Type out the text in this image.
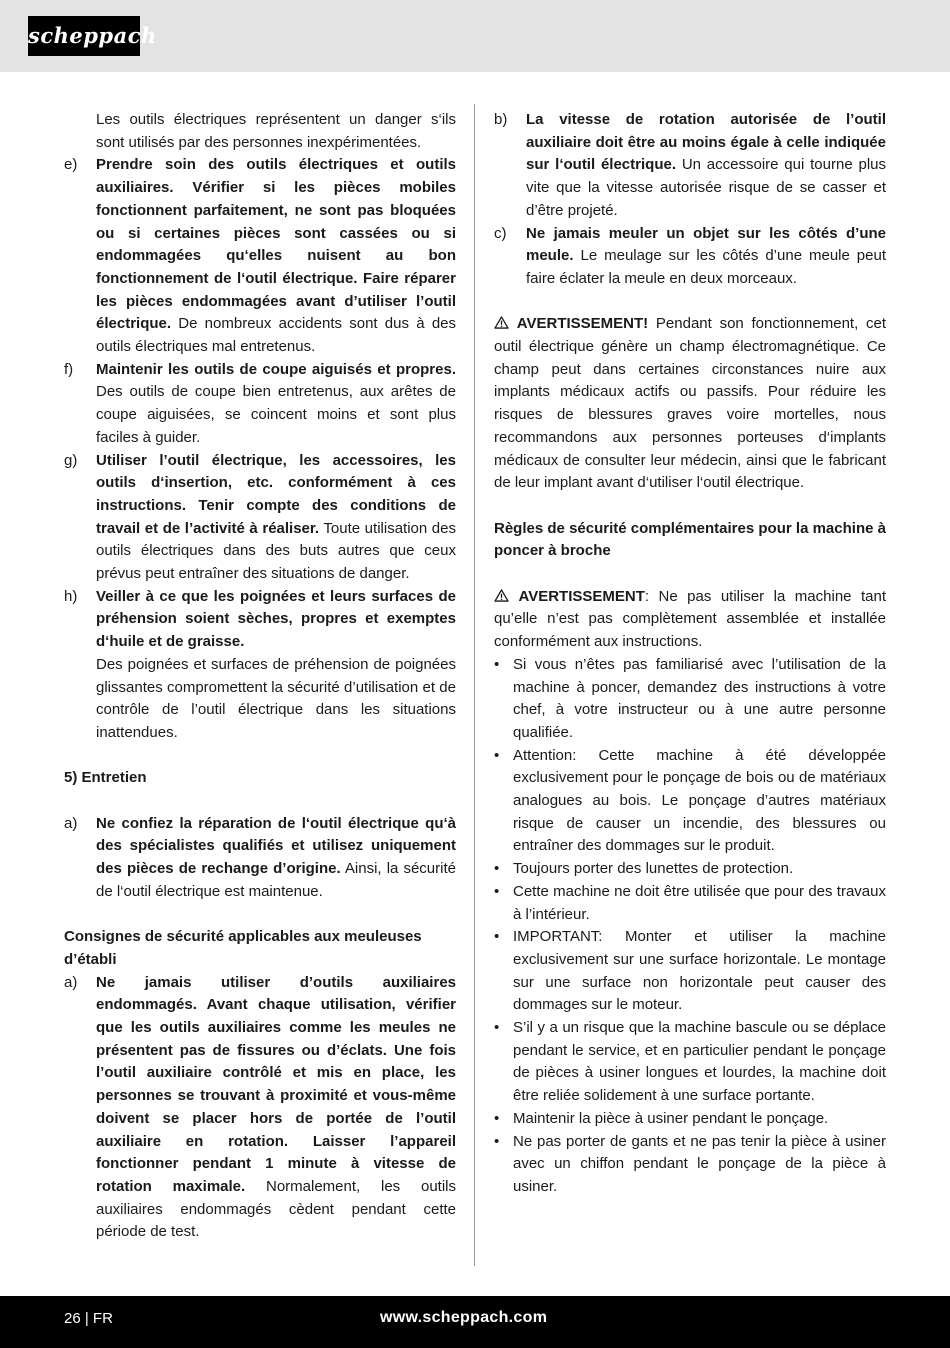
scheppach

Les outils électriques représentent un danger s‘ils sont utilisés par des personnes inexpérimentées.

e) Prendre soin des outils électriques et outils auxiliaires. Vérifier si les pièces mobiles fonctionnent parfaitement, ne sont pas bloquées ou si certaines pièces sont cassées ou si endommagées qu‘elles nuisent au bon fonctionnement de l‘outil électrique. Faire réparer les pièces endommagées avant d’utiliser l’outil électrique. De nombreux accidents sont dus à des outils électriques mal entretenus.
f) Maintenir les outils de coupe aiguisés et propres. Des outils de coupe bien entretenus, aux arêtes de coupe aiguisées, se coincent moins et sont plus faciles à guider.
g) Utiliser l’outil électrique, les accessoires, les outils d‘insertion, etc. conformément à ces instructions. Tenir compte des conditions de travail et de l’activité à réaliser. Toute utilisation des outils électriques dans des buts autres que ceux prévus peut entraîner des situations de danger.
h) Veiller à ce que les poignées et leurs surfaces de préhension soient sèches, propres et exemptes d‘huile et de graisse.

Des poignées et surfaces de préhension de poignées glissantes compromettent la sécurité d’utilisation et de contrôle de l’outil électrique dans les situations inattendues.

5) Entretien

a) Ne confiez la réparation de l‘outil électrique qu‘à des spécialistes qualifiés et utilisez uniquement des pièces de rechange d’origine. Ainsi, la sécurité de l‘outil électrique est maintenue.

Consignes de sécurité applicables aux meuleuses d’établi

a) Ne jamais utiliser d’outils auxiliaires endommagés. Avant chaque utilisation, vérifier que les outils auxiliaires comme les meules ne présentent pas de fissures ou d’éclats. Une fois l’outil auxiliaire contrôlé et mis en place, les personnes se trouvant à proximité et vous-même doivent se placer hors de portée de l’outil auxiliaire en rotation. Laisser l’appareil fonctionner pendant 1 minute à vitesse de rotation maximale. Normalement, les outils auxiliaires endommagés cèdent pendant cette période de test.
b) La vitesse de rotation autorisée de l’outil auxiliaire doit être au moins égale à celle indiquée sur l‘outil électrique. Un accessoire qui tourne plus vite que la vitesse autorisée risque de se casser et d’être projeté.
c) Ne jamais meuler un objet sur les côtés d’une meule. Le meulage sur les côtés d’une meule peut faire éclater la meule en deux morceaux.

AVERTISSEMENT! Pendant son fonctionnement, cet outil électrique génère un champ électromagnétique. Ce champ peut dans certaines circonstances nuire aux implants médicaux actifs ou passifs. Pour réduire les risques de blessures graves voire mortelles, nous recommandons aux personnes porteuses d‘implants médicaux de consulter leur médecin, ainsi que le fabricant de leur implant avant d‘utiliser l‘outil électrique.

Règles de sécurité complémentaires pour la machine à poncer à broche

AVERTISSEMENT: Ne pas utiliser la machine tant qu’elle n’est pas complètement assemblée et installée conformément aux instructions.

• Si vous n’êtes pas familiarisé avec l’utilisation de la machine à poncer, demandez des instructions à votre chef, à votre instructeur ou à une autre personne qualifiée.
• Attention: Cette machine à été développée exclusivement pour le ponçage de bois ou de matériaux analogues au bois. Le ponçage d’autres matériaux risque de causer un incendie, des blessures ou entraîner des dommages sur le produit.
• Toujours porter des lunettes de protection.
• Cette machine ne doit être utilisée que pour des travaux à l’intérieur.
• IMPORTANT: Monter et utiliser la machine exclusivement sur une surface horizontale. Le montage sur une surface non horizontale peut causer des dommages sur le moteur.
• S’il y a un risque que la machine bascule ou se déplace pendant le service, et en particulier pendant le ponçage de pièces à usiner longues et lourdes, la machine doit être reliée solidement à une surface portante.
• Maintenir la pièce à usiner pendant le ponçage.
• Ne pas porter de gants et ne pas tenir la pièce à usiner avec un chiffon pendant le ponçage de la pièce à usiner.
26 | FR	www.scheppach.com
